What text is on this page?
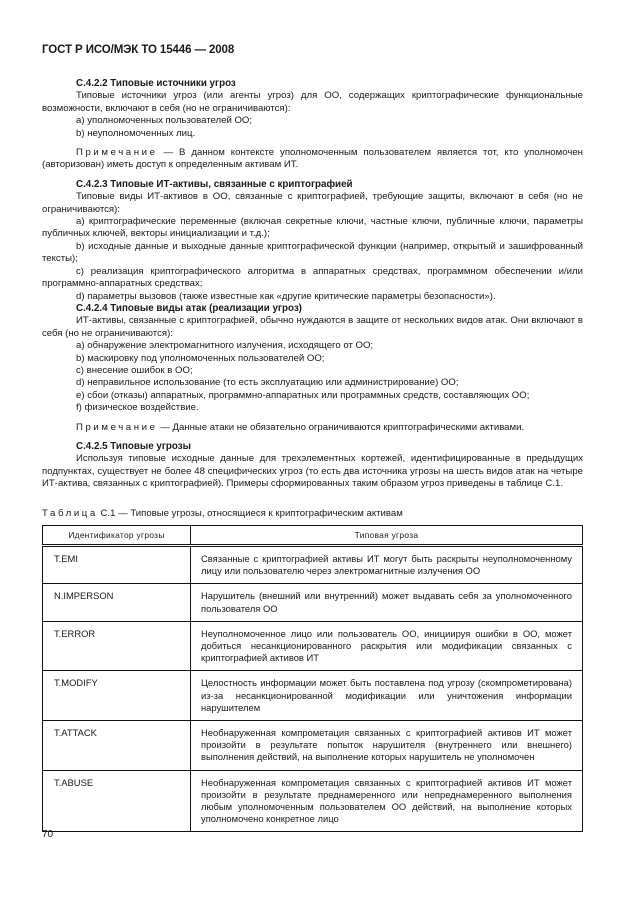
ГОСТ Р ИСО/МЭК ТО 15446 — 2008

С.4.2.2 Типовые источники угроз

Типовые источники угроз (или агенты угроз) для ОО, содержащих криптографические функциональные возможности, включают в себя (но не ограничиваются):

a) уполномоченных пользователей ОО;

b) неуполномоченных лиц.

Примечание — В данном контексте уполномоченным пользователем является тот, кто уполномочен (авторизован) иметь доступ к определенным активам ИТ.

С.4.2.3 Типовые ИТ-активы, связанные с криптографией

Типовые виды ИТ-активов в ОО, связанные с криптографией, требующие защиты, включают в себя (но не ограничиваются):

a) криптографические переменные (включая секретные ключи, частные ключи, публичные ключи, параметры публичных ключей, векторы инициализации и т.д.);

b) исходные данные и выходные данные криптографической функции (например, открытый и зашифрованный тексты);

c) реализация криптографического алгоритма в аппаратных средствах, программном обеспечении и/или программно-аппаратных средствах;

d) параметры вызовов (также известные как «другие критические параметры безопасности»).

С.4.2.4 Типовые виды атак (реализации угроз)

ИТ-активы, связанные с криптографией, обычно нуждаются в защите от нескольких видов атак. Они включают в себя (но не ограничиваются):

a) обнаружение электромагнитного излучения, исходящего от ОО;

b) маскировку под уполномоченных пользователей ОО;

c) внесение ошибок в ОО;

d) неправильное использование (то есть эксплуатацию или администрирование) ОО;

e) сбои (отказы) аппаратных, программно-аппаратных или программных средств, составляющих ОО;

f) физическое воздействие.

Примечание — Данные атаки не обязательно ограничиваются криптографическими активами.

С.4.2.5 Типовые угрозы

Используя типовые исходные данные для трехэлементных кортежей, идентифицированные в предыдущих подпунктах, существует не более 48 специфических угроз (то есть два источника угрозы на шесть видов атак на четыре ИТ-актива, связанных с криптографией). Примеры сформированных таким образом угроз приведены в таблице С.1.

Таблица С.1 — Типовые угрозы, относящиеся к криптографическим активам
Идентификатор угрозы	Типовая угроза
T.EMI	Связанные с криптографией активы ИТ могут быть раскрыты неуполномоченному лицу или пользователю через электромагнитные излучения ОО
N.IMPERSON	Нарушитель (внешний или внутренний) может выдавать себя за уполномоченного пользователя ОО
T.ERROR	Неуполномоченное лицо или пользователь ОО, инициируя ошибки в ОО, может добиться несанкционированного раскрытия или модификации связанных с криптографией активов ИТ
T.MODIFY	Целостность информации может быть поставлена под угрозу (скомпрометирована) из-за несанкционированной модификации или уничтожения информации нарушителем
T.ATTACK	Необнаруженная компрометация связанных с криптографией активов ИТ может произойти в результате попыток нарушителя (внутреннего или внешнего) выполнения действий, на выполнение которых нарушитель не уполномочен
T.ABUSE	Необнаруженная компрометация связанных с криптографией активов ИТ может произойти в результате преднамеренного или непреднамеренного выполнения любым уполномоченным пользователем ОО действий, на выполнение которых уполномочено конкретное лицо
70
